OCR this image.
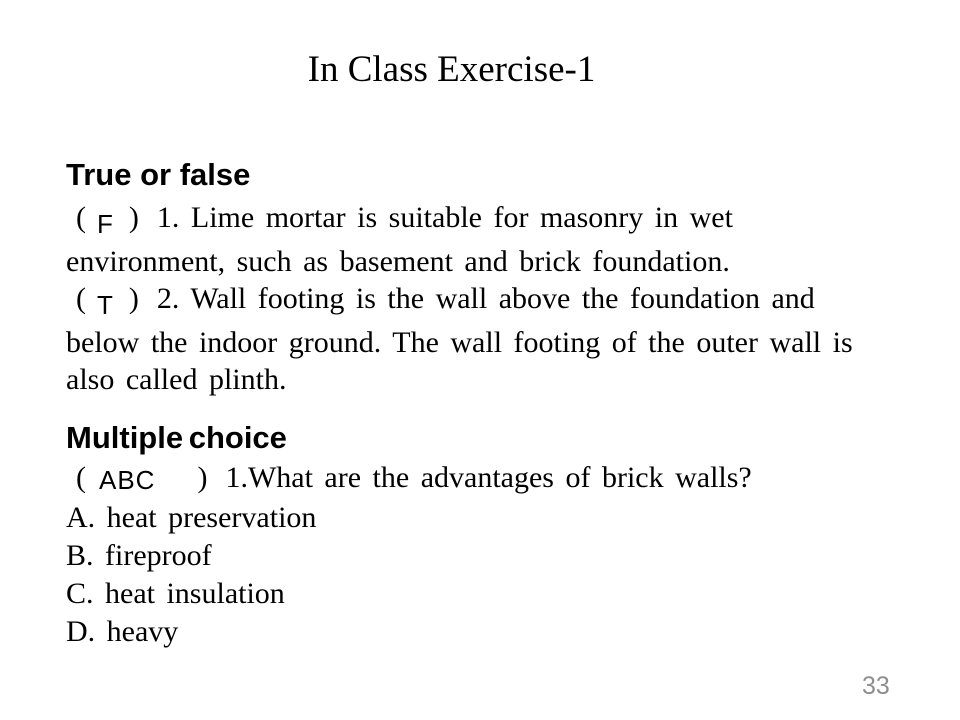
In Class Exercise-1
True or false
( F ) 1. Lime mortar is suitable for masonry in wet
environment, such as basement and brick foundation.
( T ) 2. Wall footing is the wall above the foundation and
below the indoor ground. The wall footing of the outer wall is
also called plinth.
Multiple choice
( ABC ) 1.What are the advantages of brick walls?
A. heat preservation
B. fireproof
C. heat insulation
D. heavy
33
